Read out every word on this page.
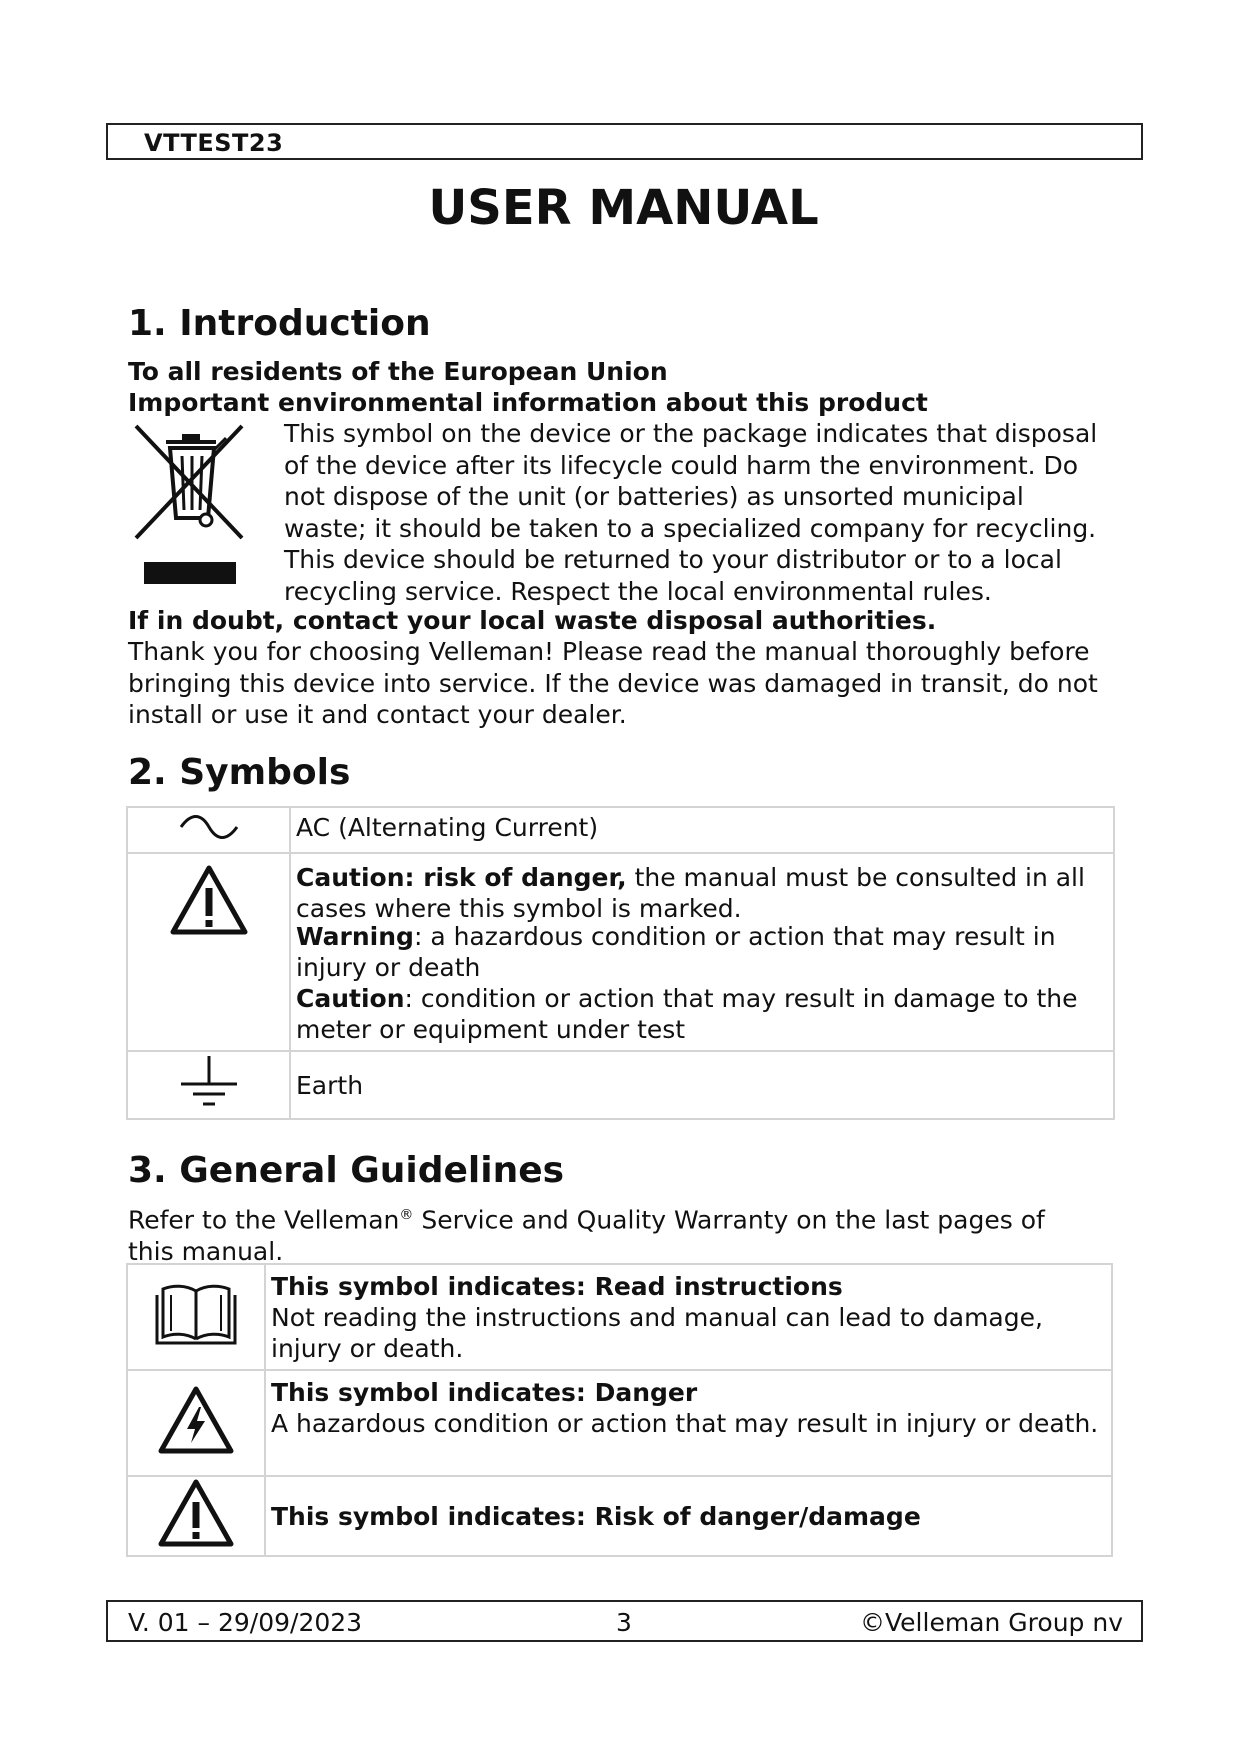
VTTEST23
USER MANUAL
1. Introduction
To all residents of the European Union
Important environmental information about this product
This symbol on the device or the package indicates that disposal
of the device after its lifecycle could harm the environment. Do
not dispose of the unit (or batteries) as unsorted municipal
waste; it should be taken to a specialized company for recycling.
This device should be returned to your distributor or to a local
recycling service. Respect the local environmental rules.
If in doubt, contact your local waste disposal authorities.
Thank you for choosing Velleman! Please read the manual thoroughly before bringing this device into service. If the device was damaged in transit, do not install or use it and contact your dealer.
2. Symbols
	AC (Alternating Current)

Caution: risk of danger, the manual must be consulted in all cases where this symbol is marked.
Warning: a hazardous condition or action that may result in injury or death
Caution: condition or action that may result in damage to the meter or equipment under test

	Earth
3. General Guidelines
Refer to the Velleman® Service and Quality Warranty on the last pages of this manual.

This symbol indicates: Read instructions
Not reading the instructions and manual can lead to damage, injury or death.

This symbol indicates: Danger
A hazardous condition or action that may result in injury or death.

This symbol indicates: Risk of danger/damage
V. 01 – 29/09/2023	3	©Velleman Group nv
